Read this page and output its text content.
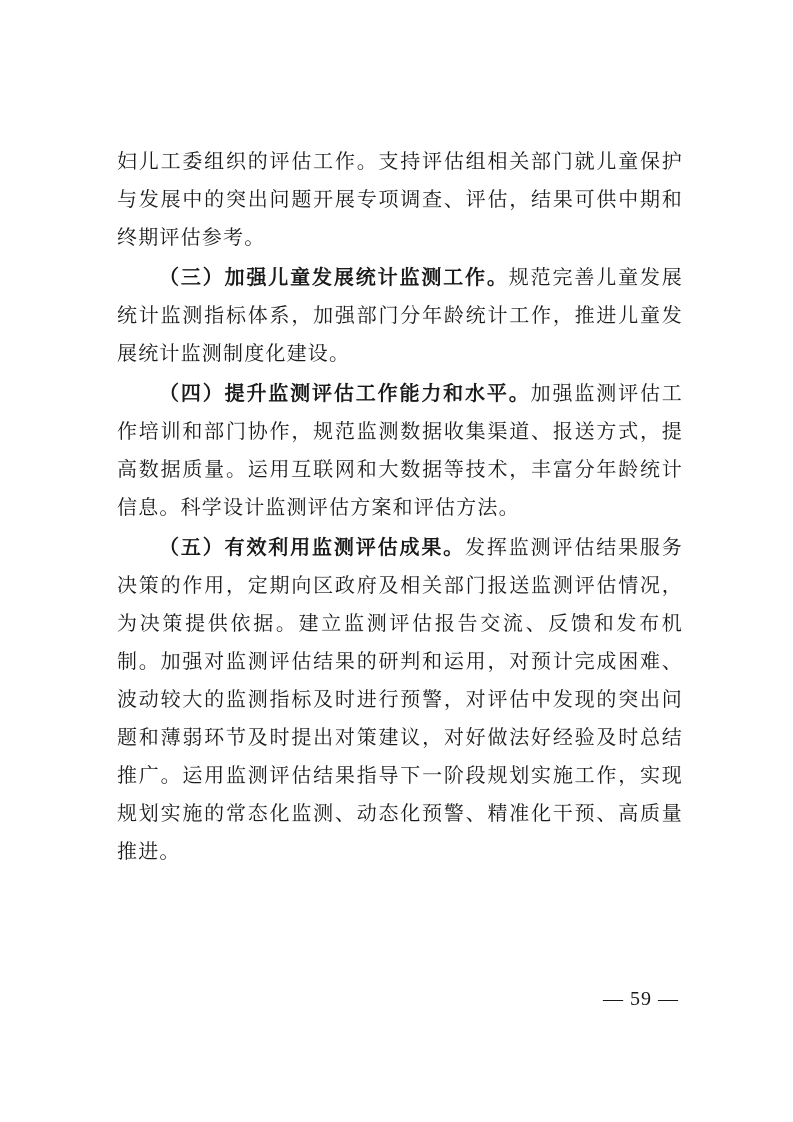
妇儿工委组织的评估工作。支持评估组相关部门就儿童保护与发展中的突出问题开展专项调查、评估，结果可供中期和终期评估参考。

（三）加强儿童发展统计监测工作。规范完善儿童发展统计监测指标体系，加强部门分年龄统计工作，推进儿童发展统计监测制度化建设。

（四）提升监测评估工作能力和水平。加强监测评估工作培训和部门协作，规范监测数据收集渠道、报送方式，提高数据质量。运用互联网和大数据等技术，丰富分年龄统计信息。科学设计监测评估方案和评估方法。

（五）有效利用监测评估成果。发挥监测评估结果服务决策的作用，定期向区政府及相关部门报送监测评估情况，为决策提供依据。建立监测评估报告交流、反馈和发布机制。加强对监测评估结果的研判和运用，对预计完成困难、波动较大的监测指标及时进行预警，对评估中发现的突出问题和薄弱环节及时提出对策建议，对好做法好经验及时总结推广。运用监测评估结果指导下一阶段规划实施工作，实现规划实施的常态化监测、动态化预警、精准化干预、高质量推进。

— 59 —
